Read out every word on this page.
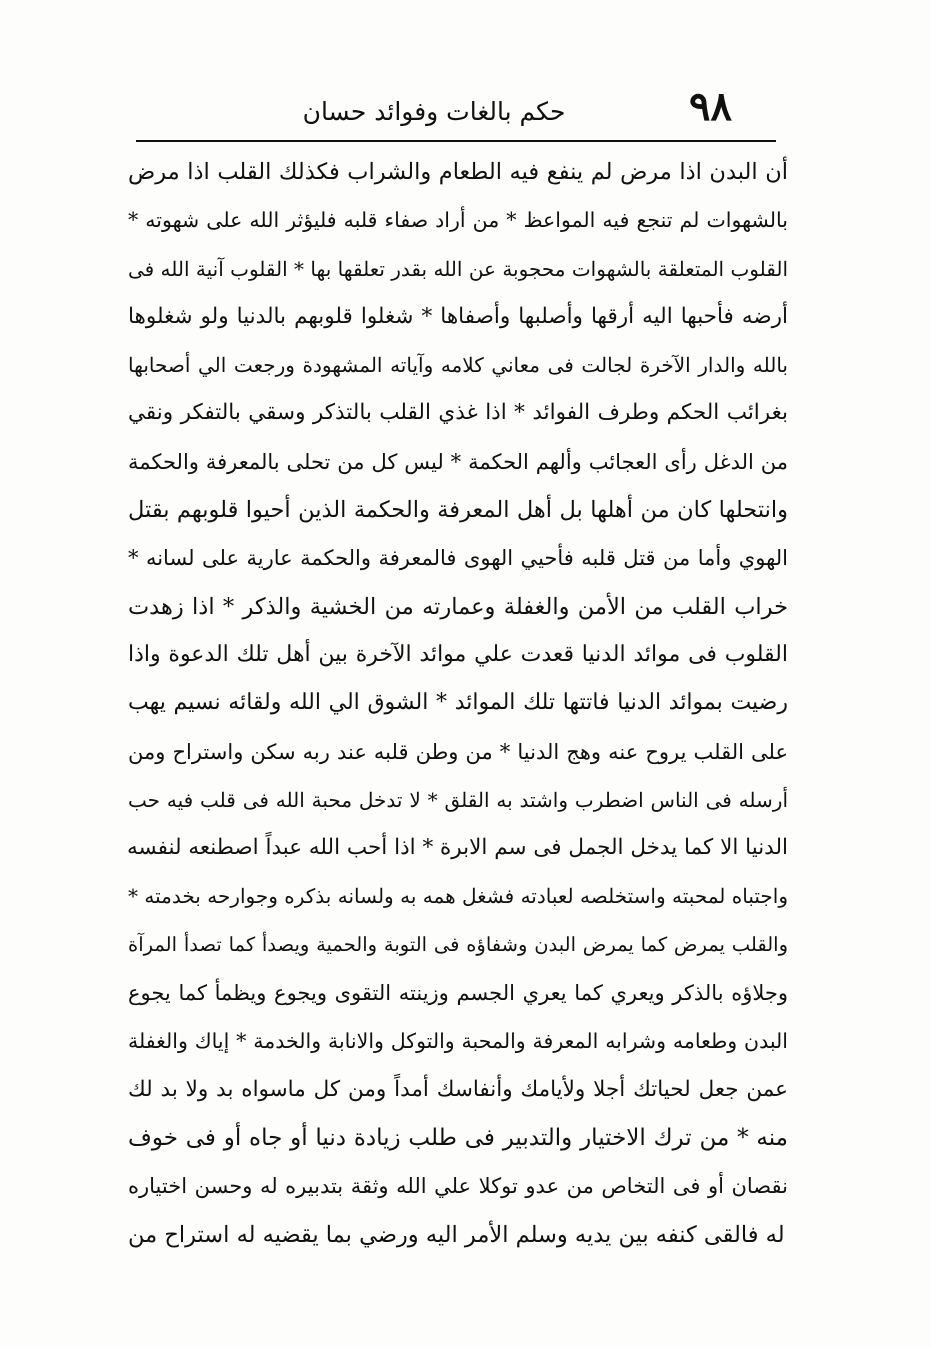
٩٨
حكم بالغات وفوائد حسان
أن البدن اذا مرض لم ينفع فيه الطعام والشراب فكذلك القلب اذا مرض
بالشهوات لم تنجع فيه المواعظ * من أراد صفاء قلبه فليؤثر الله على شهوته *
القلوب المتعلقة بالشهوات محجوبة عن الله بقدر تعلقها بها * القلوب آنية الله فى
أرضه فأحبها اليه أرقها وأصلبها وأصفاها * شغلوا قلوبهم بالدنيا ولو شغلوها
بالله والدار الآخرة لجالت فى معاني كلامه وآياته المشهودة ورجعت الي أصحابها
بغرائب الحكم وطرف الفوائد * اذا غذي القلب بالتذكر وسقي بالتفكر ونقي
من الدغل رأى العجائب وألهم الحكمة * ليس كل من تحلى بالمعرفة والحكمة
وانتحلها كان من أهلها بل أهل المعرفة والحكمة الذين أحيوا قلوبهم بقتل
الهوي وأما من قتل قلبه فأحيي الهوى فالمعرفة والحكمة عارية على لسانه *
خراب القلب من الأمن والغفلة وعمارته من الخشية والذكر * اذا زهدت
القلوب فى موائد الدنيا قعدت علي موائد الآخرة بين أهل تلك الدعوة واذا
رضيت بموائد الدنيا فاتتها تلك الموائد * الشوق الي الله ولقائه نسيم يهب
على القلب يروح عنه وهج الدنيا * من وطن قلبه عند ربه سكن واستراح ومن
أرسله فى الناس اضطرب واشتد به القلق * لا تدخل محبة الله فى قلب فيه حب
الدنيا الا كما يدخل الجمل فى سم الابرة * اذا أحب الله عبداً اصطنعه لنفسه
واجتباه لمحبته واستخلصه لعبادته فشغل همه به ولسانه بذكره وجوارحه بخدمته *
والقلب يمرض كما يمرض البدن وشفاؤه فى التوبة والحمية ويصدأ كما تصدأ المرآة
وجلاؤه بالذكر ويعري كما يعري الجسم وزينته التقوى ويجوع ويظمأ كما يجوع
البدن وطعامه وشرابه المعرفة والمحبة والتوكل والانابة والخدمة * إياك والغفلة
عمن جعل لحياتك أجلا ولأيامك وأنفاسك أمداً ومن كل ماسواه بد ولا بد لك
منه * من ترك الاختيار والتدبير فى طلب زيادة دنيا أو جاه أو فى خوف
نقصان أو فى التخاص من عدو توكلا علي الله وثقة بتدبيره له وحسن اختياره
له فالقى كنفه بين يديه وسلم الأمر اليه ورضي بما يقضيه له استراح من
